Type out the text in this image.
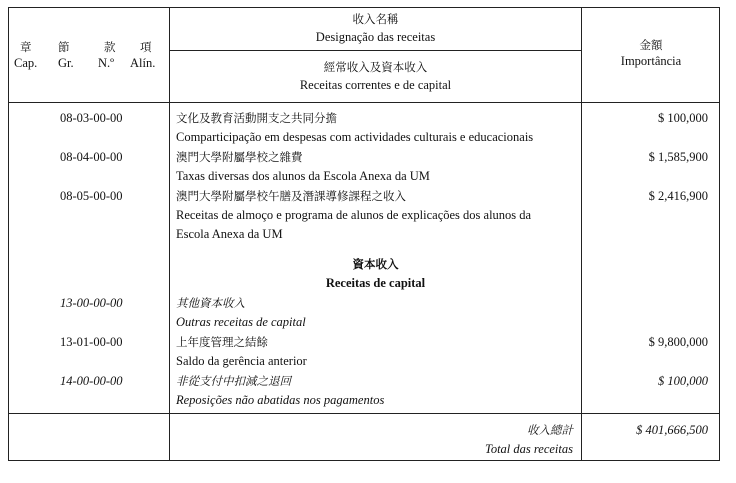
章 節	款 項
Cap. Gr. N.º Alín.
收入名稱
Designação das receitas
經常收入及資本收入
Receitas correntes e de capital
金額
Importância
08-03-00-00	文化及教育活動開支之共同分擔
Comparticipação em despesas com actividades culturais e educacionais
$ 100,000
08-04-00-00	澳門大學附屬學校之雜費
Taxas diversas dos alunos da Escola Anexa da UM
$ 1,585,900
08-05-00-00	澳門大學附屬學校午膳及潛課導修課程之收入
Receitas de almoço e programa de alunos de explicações dos alunos da
Escola Anexa da UM
$ 2,416,900
資本收入
Receitas de capital
13-00-00-00	其他資本收入
Outras receitas de capital
13-01-00-00	上年度管理之結餘
Saldo da gerência anterior
$ 9,800,000
14-00-00-00	非從支付中扣減之退回
Reposições não abatidas nos pagamentos
$ 100,000
收入總計
Total das receitas
$ 401,666,500
